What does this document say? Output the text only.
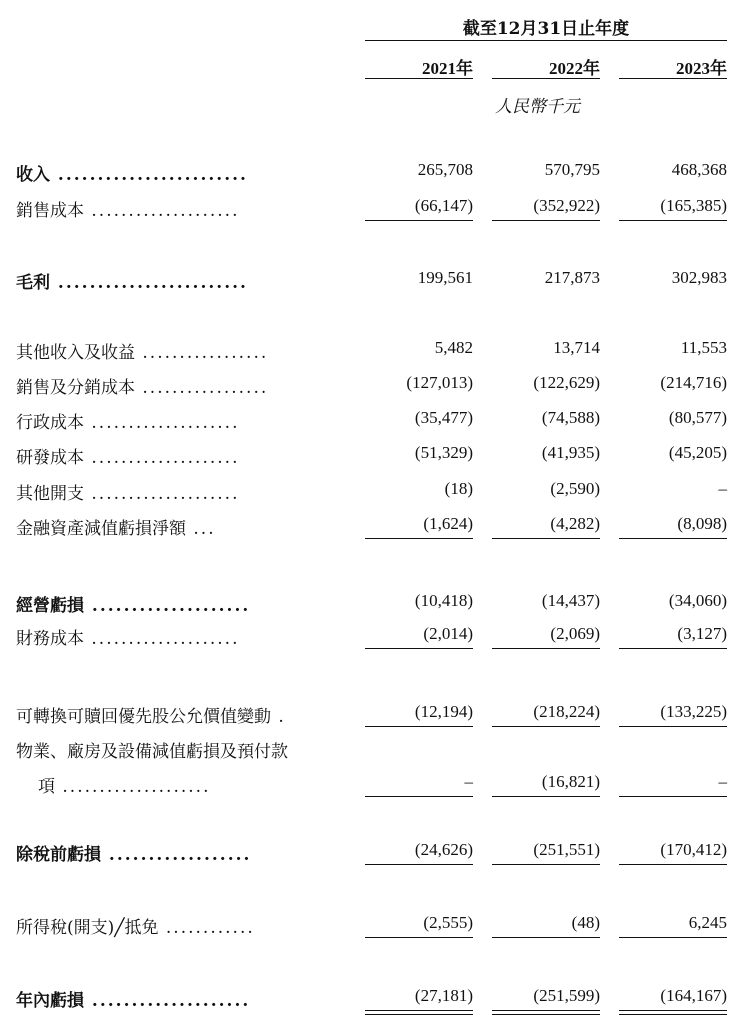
截至12月31日止年度
2021年	2022年	2023年
人民幣千元
收入 ........................	265,708	570,795	468,368
銷售成本 ....................	(66,147)	(352,922)	(165,385)
毛利 ........................	199,561	217,873	302,983
其他收入及收益 .................	5,482	13,714	11,553
銷售及分銷成本 .................	(127,013)	(122,629)	(214,716)
行政成本 ....................	(35,477)	(74,588)	(80,577)
研發成本 ....................	(51,329)	(41,935)	(45,205)
其他開支 ....................	(18)	(2,590)	–
金融資產減值虧損淨額 ...	(1,624)	(4,282)	(8,098)
經營虧損 ....................	(10,418)	(14,437)	(34,060)
財務成本 ....................	(2,014)	(2,069)	(3,127)
可轉換可贖回優先股公允價值變動 .	(12,194)	(218,224)	(133,225)
物業、廠房及設備減值虧損及預付款
項 ....................	–	(16,821)	–
除稅前虧損 ..................	(24,626)	(251,551)	(170,412)
所得稅(開支)╱抵免 ............	(2,555)	(48)	6,245
年內虧損 ....................	(27,181)	(251,599)	(164,167)
